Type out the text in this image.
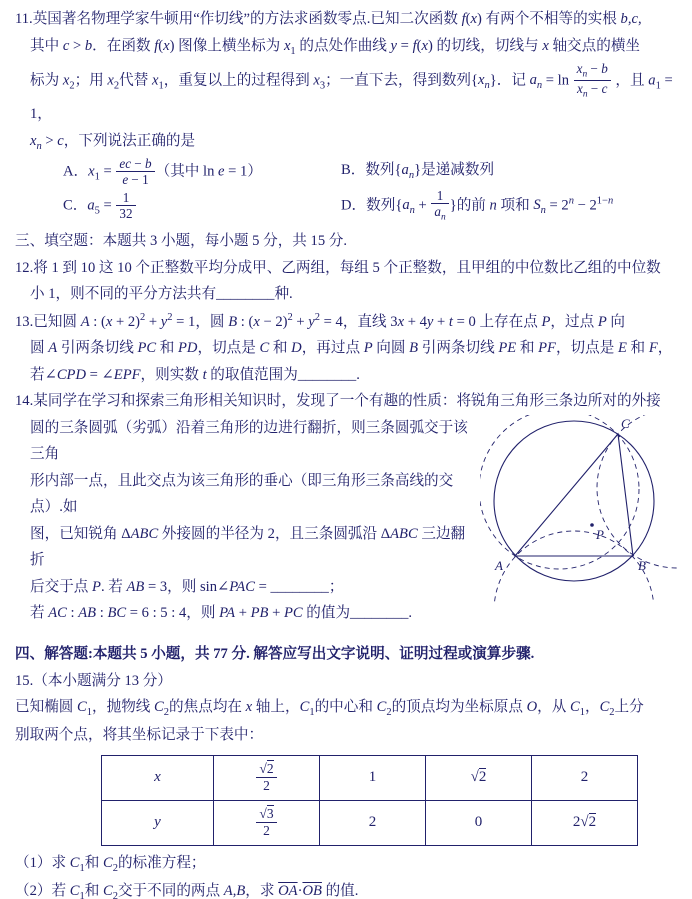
11.英国著名物理学家牛顿用“作切线”的方法求函数零点.已知二次函数 f(x) 有两个不相等的实根 b,c,
其中 c > b．在函数 f(x) 图像上横坐标为 $x_1$ 的点处作曲线 y = f(x) 的切线，切线与 x 轴交点的横坐
标为 $x_2$；用 $x_2$代替 $x_1$，重复以上的过程得到 $x_3$；一直下去，得到数列$\{x_n\}$．记 $a_n = \ln \frac{x_n - b}{x_n - c}$ ，且 $a_1 = 1$，
$x_n > c$，下列说法正确的是
A．$x_1 = \frac{ec - b}{e - 1}$ （其中 ln e = 1）	B．数列$\{a_n\}$是递减数列
C．$a_5 = \frac{1}{32}$	D．数列{$a_n + \frac{1}{a_n}$ }的前 n 项和 $S_n = 2^n - 2^{1-n}$
三、填空题：本题共 3 小题，每小题 5 分，共 15 分.
12.将 1 到 10 这 10 个正整数平均分成甲、乙两组，每组 5 个正整数，且甲组的中位数比乙组的中位数
小 1，则不同的平分方法共有________种.
13.已知圆 A : $(x + 2)^2 + y^2 = 1$，圆 B : $(x - 2)^2 + y^2 = 4$，直线 3x + 4y + t = 0 上存在点 P，过点 P 向
圆 A 引两条切线 PC 和 PD，切点是 C 和 D，再过点 P 向圆 B 引两条切线 PE 和 PF，切点是 E 和 F，
若∠CPD = ∠EPF，则实数 t 的取值范围为________.
14.某同学在学习和探索三角形相关知识时，发现了一个有趣的性质：将锐角三角形三条边所对的外接
圆的三条圆弧（劣弧）沿着三角形的边进行翻折，则三条圆弧交于该三角
形内部一点，且此交点为该三角形的垂心（即三角形三条高线的交点）.如
图，已知锐角 ΔABC 外接圆的半径为 2，且三条圆弧沿 ΔABC 三边翻折
后交于点 P. 若 AB = 3，则 sin∠PAC = ________；
若 AC : AB : BC = 6 : 5 : 4，则 PA + PB + PC 的值为________.
A	B
C
P
四、解答题:本题共 5 小题，共 77 分. 解答应写出文字说明、证明过程或演算步骤.
15.（本小题满分 13 分）
已知椭圆 $C_1$，抛物线 $C_2$的焦点均在 x 轴上，$C_1$的中心和 $C_2$的顶点均为坐标原点 O，从 $C_1$，$C_2$上分
别取两个点，将其坐标记录于下表中：
x	$\frac{√2}{2}$	1	√2	2
y	$\frac{√3}{2}$	2	0	2√2
（1）求 $C_1$和 $C_2$的标准方程；
（2）若 $C_1$和 $C_2$交于不同的两点 A,B，求 $\overline{OA}\cdot\overline{OB}$ 的值.
